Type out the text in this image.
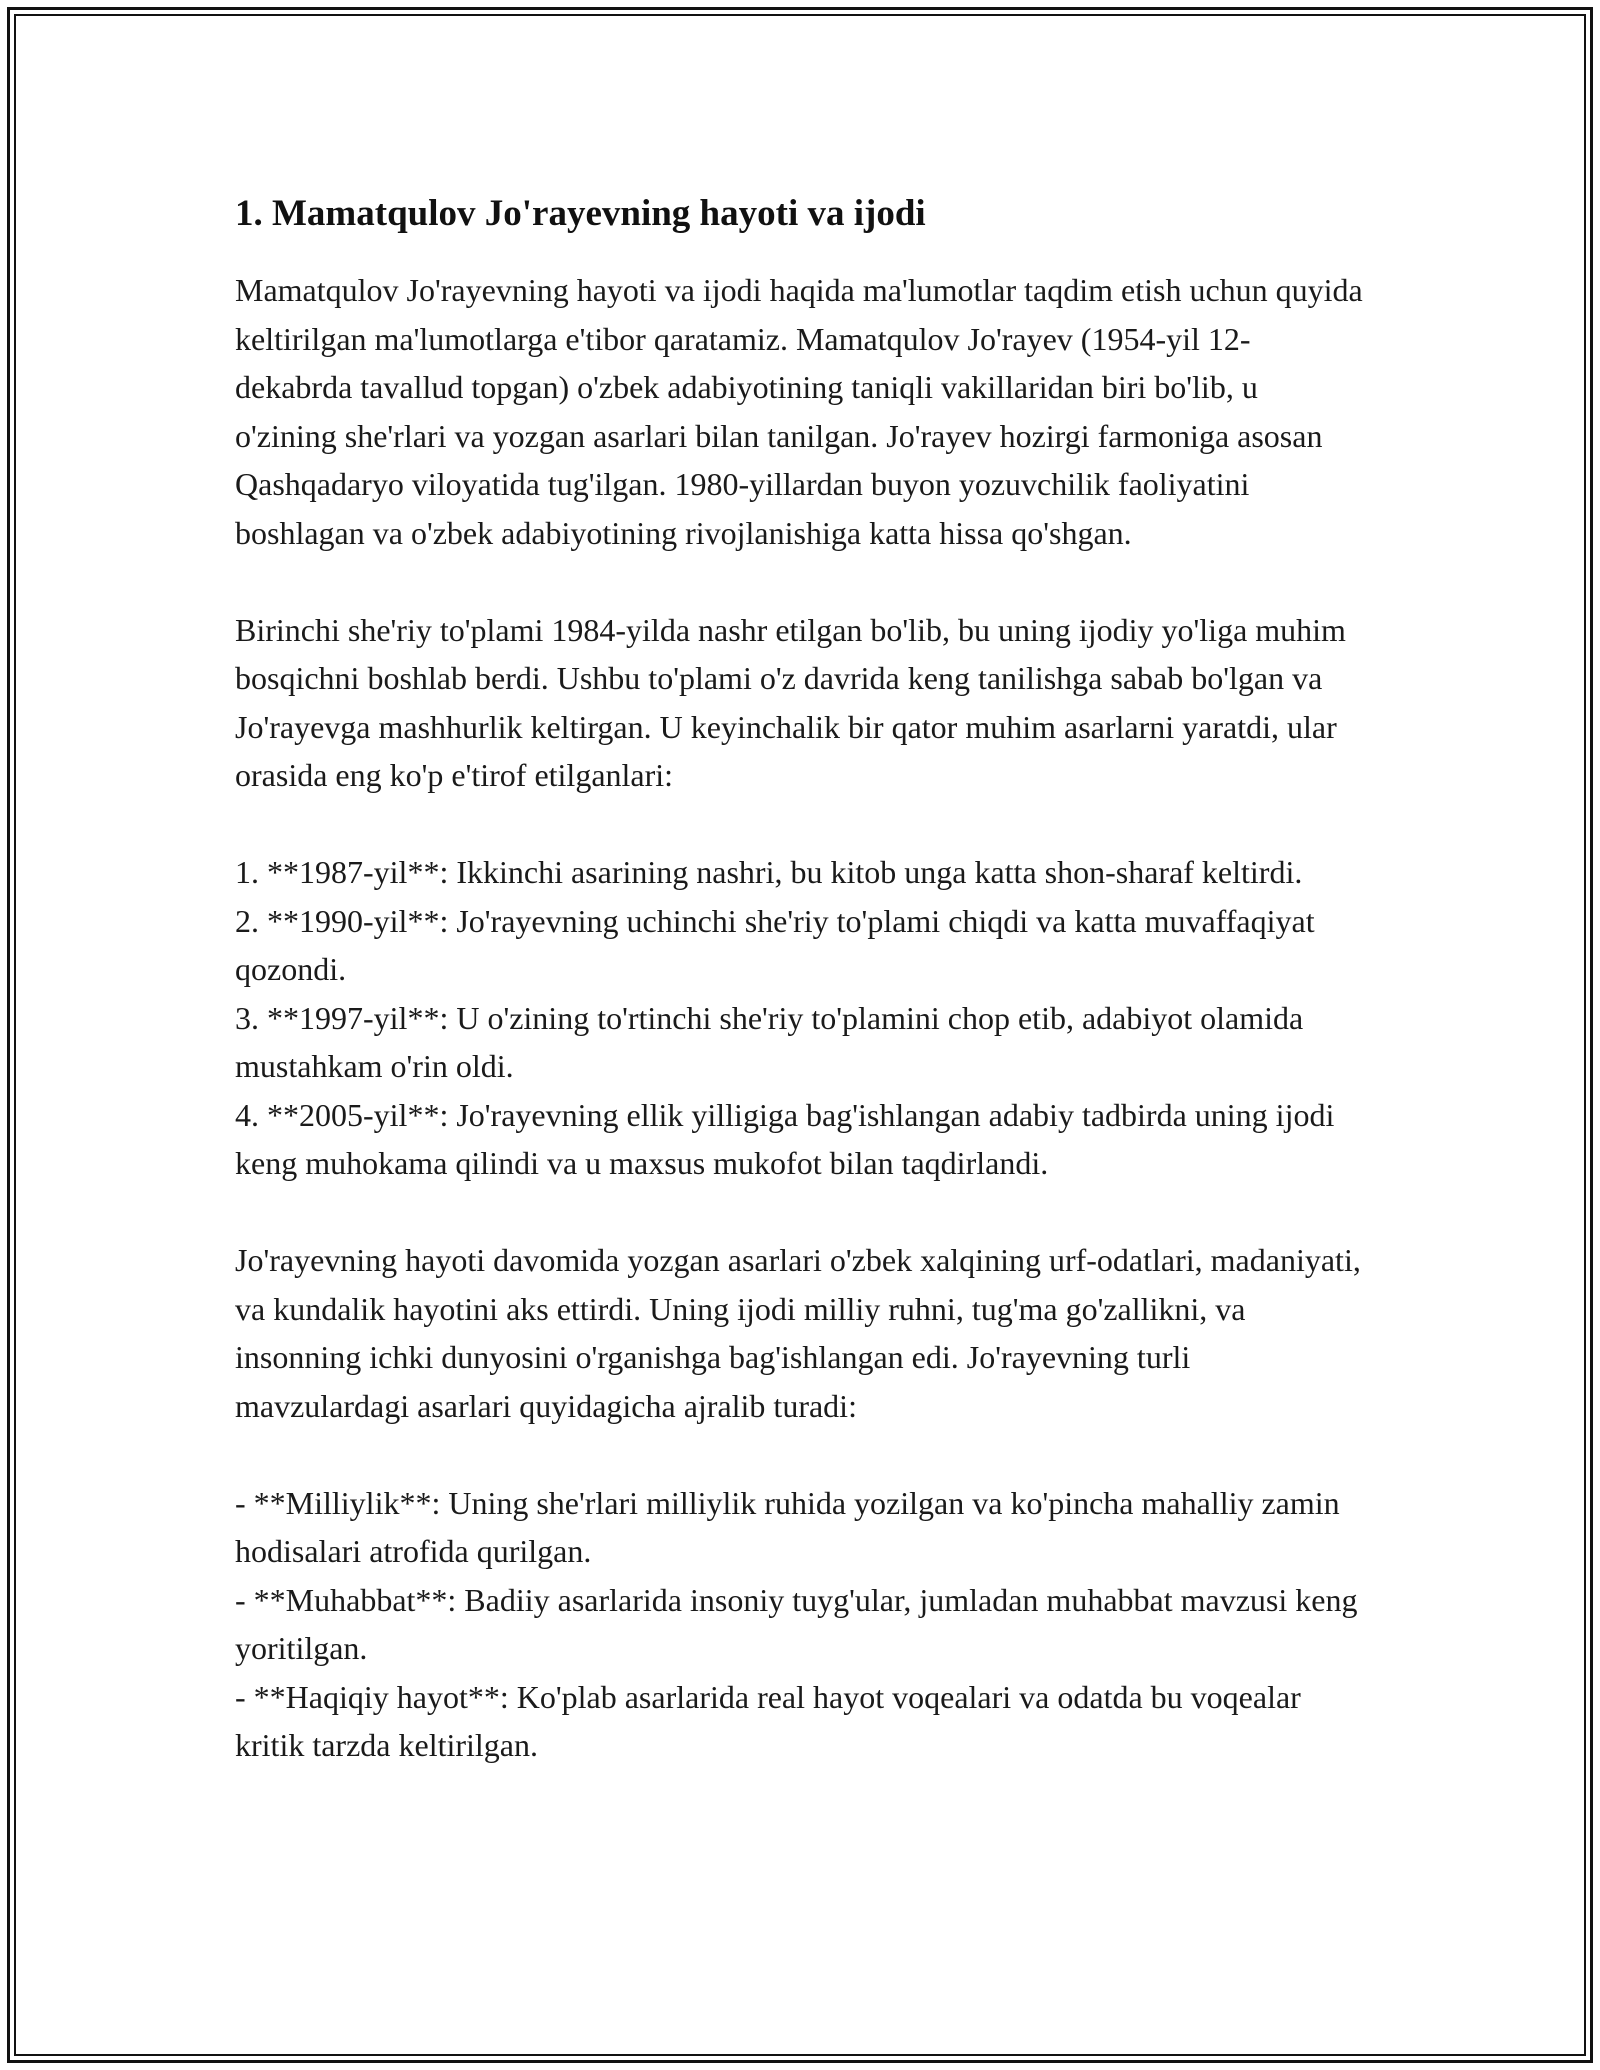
1. Mamatqulov Jo'rayevning hayoti va ijodi

Mamatqulov Jo'rayevning hayoti va ijodi haqida ma'lumotlar taqdim etish uchun quyida keltirilgan ma'lumotlarga e'tibor qaratamiz. Mamatqulov Jo'rayev (1954-yil 12-dekabrda tavallud topgan) o'zbek adabiyotining taniqli vakillaridan biri bo'lib, u o'zining she'rlari va yozgan asarlari bilan tanilgan. Jo'rayev hozirgi farmoniga asosan Qashqadaryo viloyatida tug'ilgan. 1980-yillardan buyon yozuvchilik faoliyatini boshlagan va o'zbek adabiyotining rivojlanishiga katta hissa qo'shgan.

Birinchi she'riy to'plami 1984-yilda nashr etilgan bo'lib, bu uning ijodiy yo'liga muhim bosqichni boshlab berdi. Ushbu to'plami o'z davrida keng tanilishga sabab bo'lgan va Jo'rayevga mashhurlik keltirgan. U keyinchalik bir qator muhim asarlarni yaratdi, ular orasida eng ko'p e'tirof etilganlari:

1. **1987-yil**: Ikkinchi asarining nashri, bu kitob unga katta shon-sharaf keltirdi.
2. **1990-yil**: Jo'rayevning uchinchi she'riy to'plami chiqdi va katta muvaffaqiyat qozondi.
3. **1997-yil**: U o'zining to'rtinchi she'riy to'plamini chop etib, adabiyot olamida mustahkam o'rin oldi.
4. **2005-yil**: Jo'rayevning ellik yilligiga bag'ishlangan adabiy tadbirda uning ijodi keng muhokama qilindi va u maxsus mukofot bilan taqdirlandi.

Jo'rayevning hayoti davomida yozgan asarlari o'zbek xalqining urf-odatlari, madaniyati, va kundalik hayotini aks ettirdi. Uning ijodi milliy ruhni, tug'ma go'zallikni, va insonning ichki dunyosini o'rganishga bag'ishlangan edi. Jo'rayevning turli mavzulardagi asarlari quyidagicha ajralib turadi:

- **Milliylik**: Uning she'rlari milliylik ruhida yozilgan va ko'pincha mahalliy zamin hodisalari atrofida qurilgan.
- **Muhabbat**: Badiiy asarlarida insoniy tuyg'ular, jumladan muhabbat mavzusi keng yoritilgan.
- **Haqiqiy hayot**: Ko'plab asarlarida real hayot voqealari va odatda bu voqealar kritik tarzda keltirilgan.
